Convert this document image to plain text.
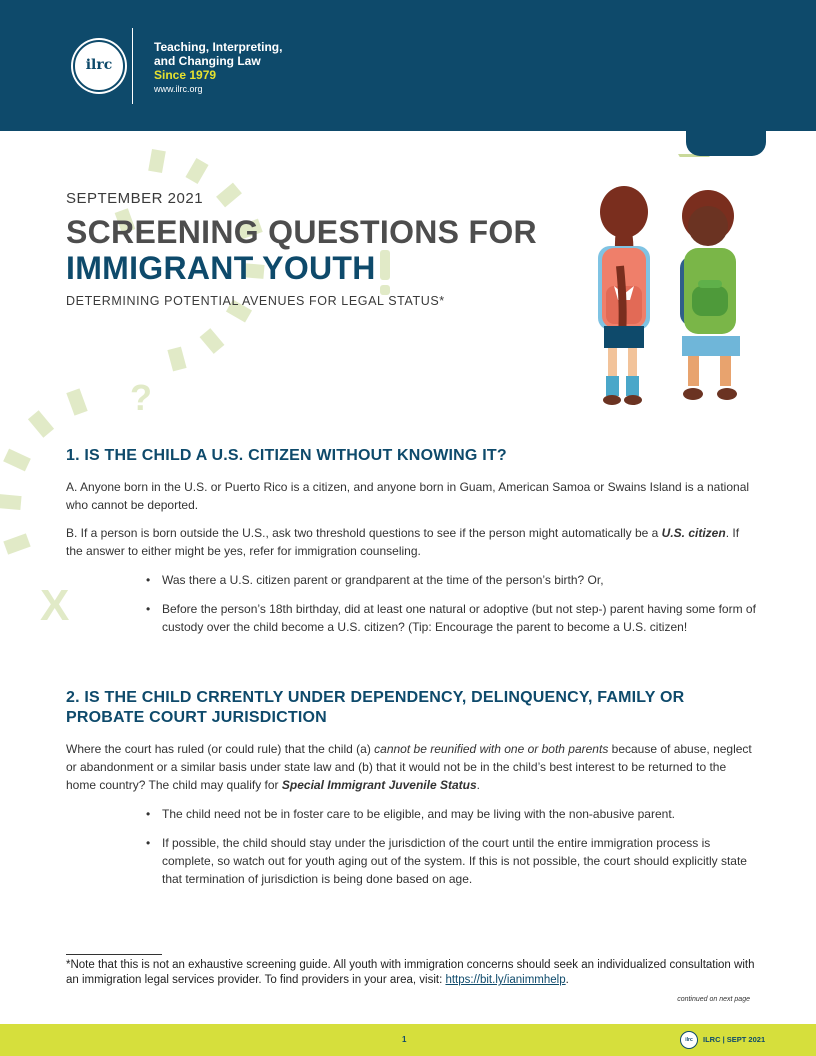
ilrc
Teaching, Interpreting,
and Changing Law
Since 1979
www.ilrc.org
?
X
SEPTEMBER 2021
SCREENING QUESTIONS FOR
IMMIGRANT YOUTH
DETERMINING POTENTIAL AVENUES FOR LEGAL STATUS*
1. IS THE CHILD A U.S. CITIZEN WITHOUT KNOWING IT?

A. Anyone born in the U.S. or Puerto Rico is a citizen, and anyone born in Guam, American Samoa or Swains Island is a national who cannot be deported.

B. If a person is born outside the U.S., ask two threshold questions to see if the person might automatically be a U.S. citizen. If the answer to either might be yes, refer for immigration counseling.

• Was there a U.S. citizen parent or grandparent at the time of the person’s birth? Or,
• Before the person’s 18th birthday, did at least one natural or adoptive (but not step-) parent having some form of custody over the child become a U.S. citizen? (Tip: Encourage the parent to become a U.S. citizen!
2. IS THE CHILD CRRENTLY UNDER DEPENDENCY, DELINQUENCY, FAMILY OR PROBATE COURT JURISDICTION

Where the court has ruled (or could rule) that the child (a) cannot be reunified with one or both parents because of abuse, neglect or abandonment or a similar basis under state law and (b) that it would not be in the child’s best interest to be returned to the home country? The child may qualify for Special Immigrant Juvenile Status.

• The child need not be in foster care to be eligible, and may be living with the non-abusive parent.
• If possible, the child should stay under the jurisdiction of the court until the entire immigration process is complete, so watch out for youth aging out of the system. If this is not possible, the court should explicitly state that termination of jurisdiction is being done based on age.
*Note that this is not an exhaustive screening guide. All youth with immigration concerns should seek an individualized consultation with an immigration legal services provider. To find providers in your area, visit: https://bit.ly/ianimmhelp.
continued on next page
1	ilrc	ILRC | SEPT 2021
